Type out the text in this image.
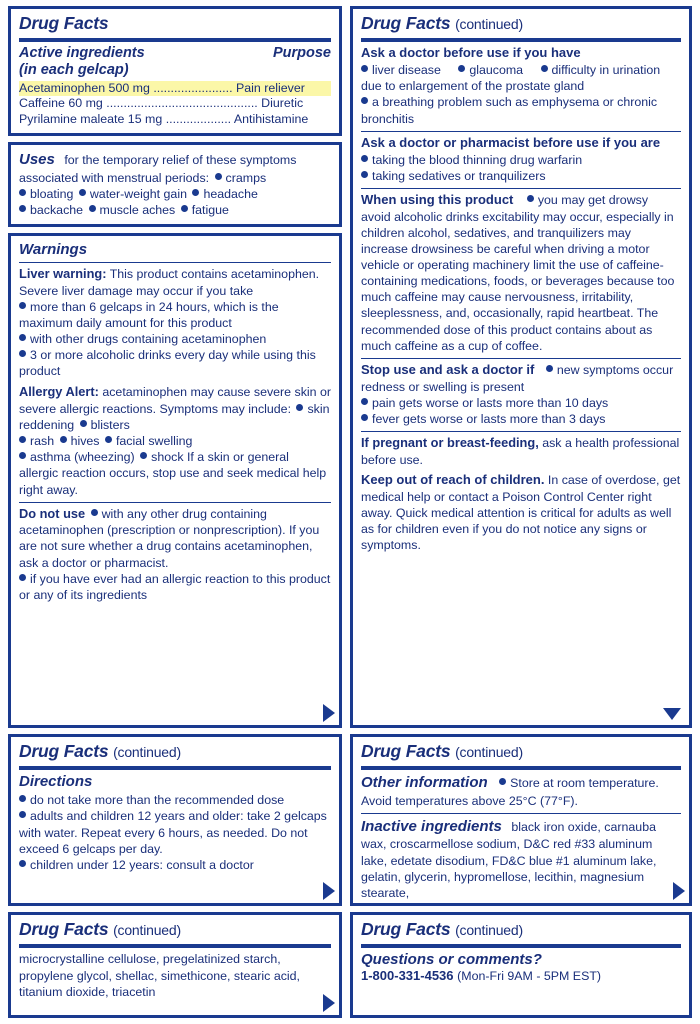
Drug Facts
Active ingredients
(in each gelcap)
Purpose
Acetaminophen 500 mg ....................... Pain reliever
Caffeine 60 mg ............................................ Diuretic
Pyrilamine maleate 15 mg ................... Antihistamine
Uses for the temporary relief of these symptoms associated with menstrual periods: cramps
bloating water-weight gain headache
backache muscle aches fatigue
Warnings
Liver warning: This product contains acetaminophen. Severe liver damage may occur if you take
more than 6 gelcaps in 24 hours, which is the maximum daily amount for this product
with other drugs containing acetaminophen
3 or more alcoholic drinks every day while using this product
Allergy Alert: acetaminophen may cause severe skin or severe allergic reactions. Symptoms may include: skin reddening blisters
rash hives facial swelling
asthma (wheezing) shock If a skin or general allergic reaction occurs, stop use and seek medical help right away.
Do not use with any other drug containing acetaminophen (prescription or nonprescription). If you are not sure whether a drug contains acetaminophen, ask a doctor or pharmacist.
if you have ever had an allergic reaction to this product or any of its ingredients
Drug Facts (continued)
Ask a doctor before use if you have
liver disease glaucoma difficulty in urination due to enlargement of the prostate gland
a breathing problem such as emphysema or chronic bronchitis
Ask a doctor or pharmacist before use if you are
taking the blood thinning drug warfarin
taking sedatives or tranquilizers
When using this product you may get drowsy avoid alcoholic drinks excitability may occur, especially in children alcohol, sedatives, and tranquilizers may increase drowsiness be careful when driving a motor vehicle or operating machinery limit the use of caffeine-containing medications, foods, or beverages because too much caffeine may cause nervousness, irritability, sleeplessness, and, occasionally, rapid heartbeat. The recommended dose of this product contains about as much caffeine as a cup of coffee.
Stop use and ask a doctor if new symptoms occur redness or swelling is present
pain gets worse or lasts more than 10 days
fever gets worse or lasts more than 3 days
If pregnant or breast-feeding, ask a health professional before use.
Keep out of reach of children. In case of overdose, get medical help or contact a Poison Control Center right away. Quick medical attention is critical for adults as well as for children even if you do not notice any signs or symptoms.
Drug Facts (continued)
Directions
do not take more than the recommended dose
adults and children 12 years and older: take 2 gelcaps with water. Repeat every 6 hours, as needed. Do not exceed 6 gelcaps per day.
children under 12 years: consult a doctor
Drug Facts (continued)
Other information Store at room temperature. Avoid temperatures above 25°C (77°F).
Inactive ingredients black iron oxide, carnauba wax, croscarmellose sodium, D&C red #33 aluminum lake, edetate disodium, FD&C blue #1 aluminum lake, gelatin, glycerin, hypromellose, lecithin, magnesium stearate,
Drug Facts (continued)
microcrystalline cellulose, pregelatinized starch, propylene glycol, shellac, simethicone, stearic acid, titanium dioxide, triacetin
Drug Facts (continued)
Questions or comments?
1-800-331-4536 (Mon-Fri 9AM - 5PM EST)
